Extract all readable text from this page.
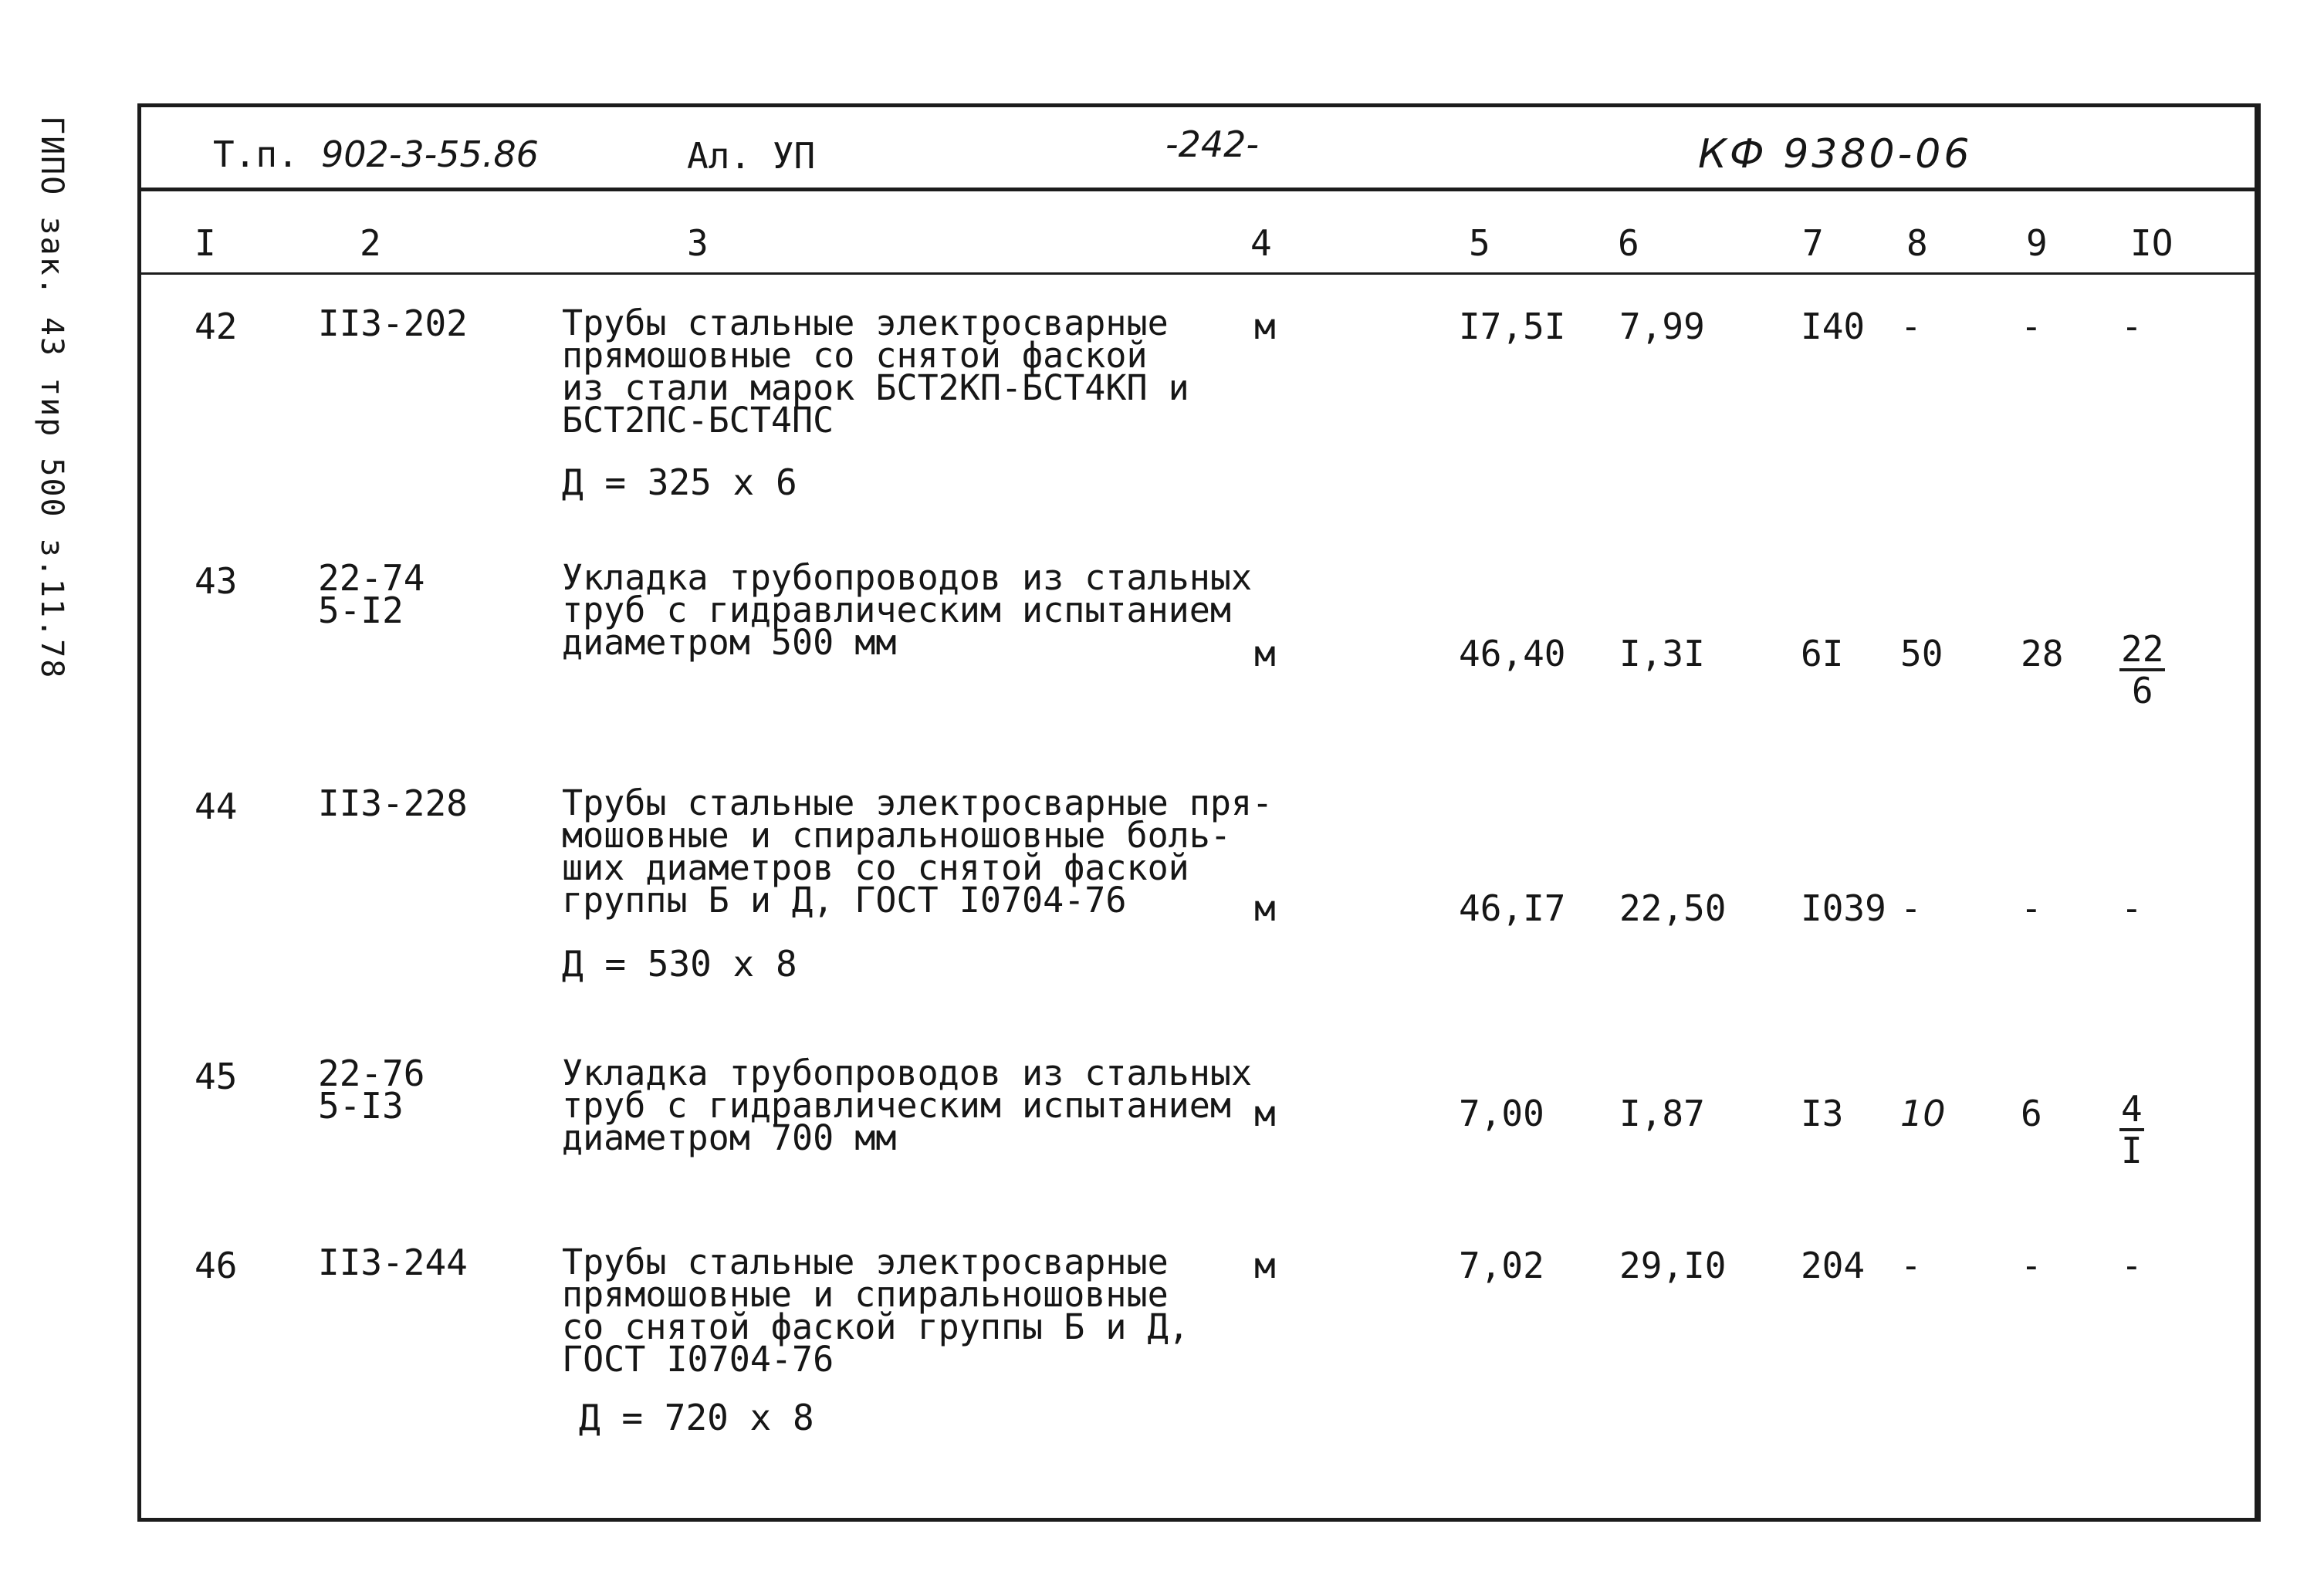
ГИПО зак. 43 тир 500 з.11.78	Т.п. 902-3-55.86	Ал. УП	-242-	КФ 9380-06
I	2	3	4	5	6	7 8	9 IO
42 II3-202	Трубы стальные электросварные
прямошовные со снятой фаской
из стали марок БСТ2КП-БСТ4КП и
БСТ2ПС-БСТ4ПС
Д = 325 х 6
м	I7,5I 7,99	I40 -	- -
43 22-74
5-I2
Укладка трубопроводов из стальных
труб с гидравлическим испытанием
диаметром 500 мм	м	46,40 I,3I	6I 50 $28 \frac{22}{6}$
44 II3-228	Трубы стальные электросварные пря-
мошовные и спиральношовные боль-
ших диаметров со снятой фаской
группы Б и Д, ГОСТ I0704-76
Д = 530 х 8
м	46,I7 22,50 I039 -	- -
45 22-76
5-I3
Укладка трубопроводов из стальных
труб с гидравлическим испытанием
диаметром 700 мм
м	7,00 I,87	I3 10 $6 \frac{4}{I}$
46 II3-244	Трубы стальные электросварные
прямошовные и спиральношовные
со снятой фаской группы Б и Д,
ГОСТ I0704-76
Д = 720 х 8
м	7,02 29,I0 204 -	- -
